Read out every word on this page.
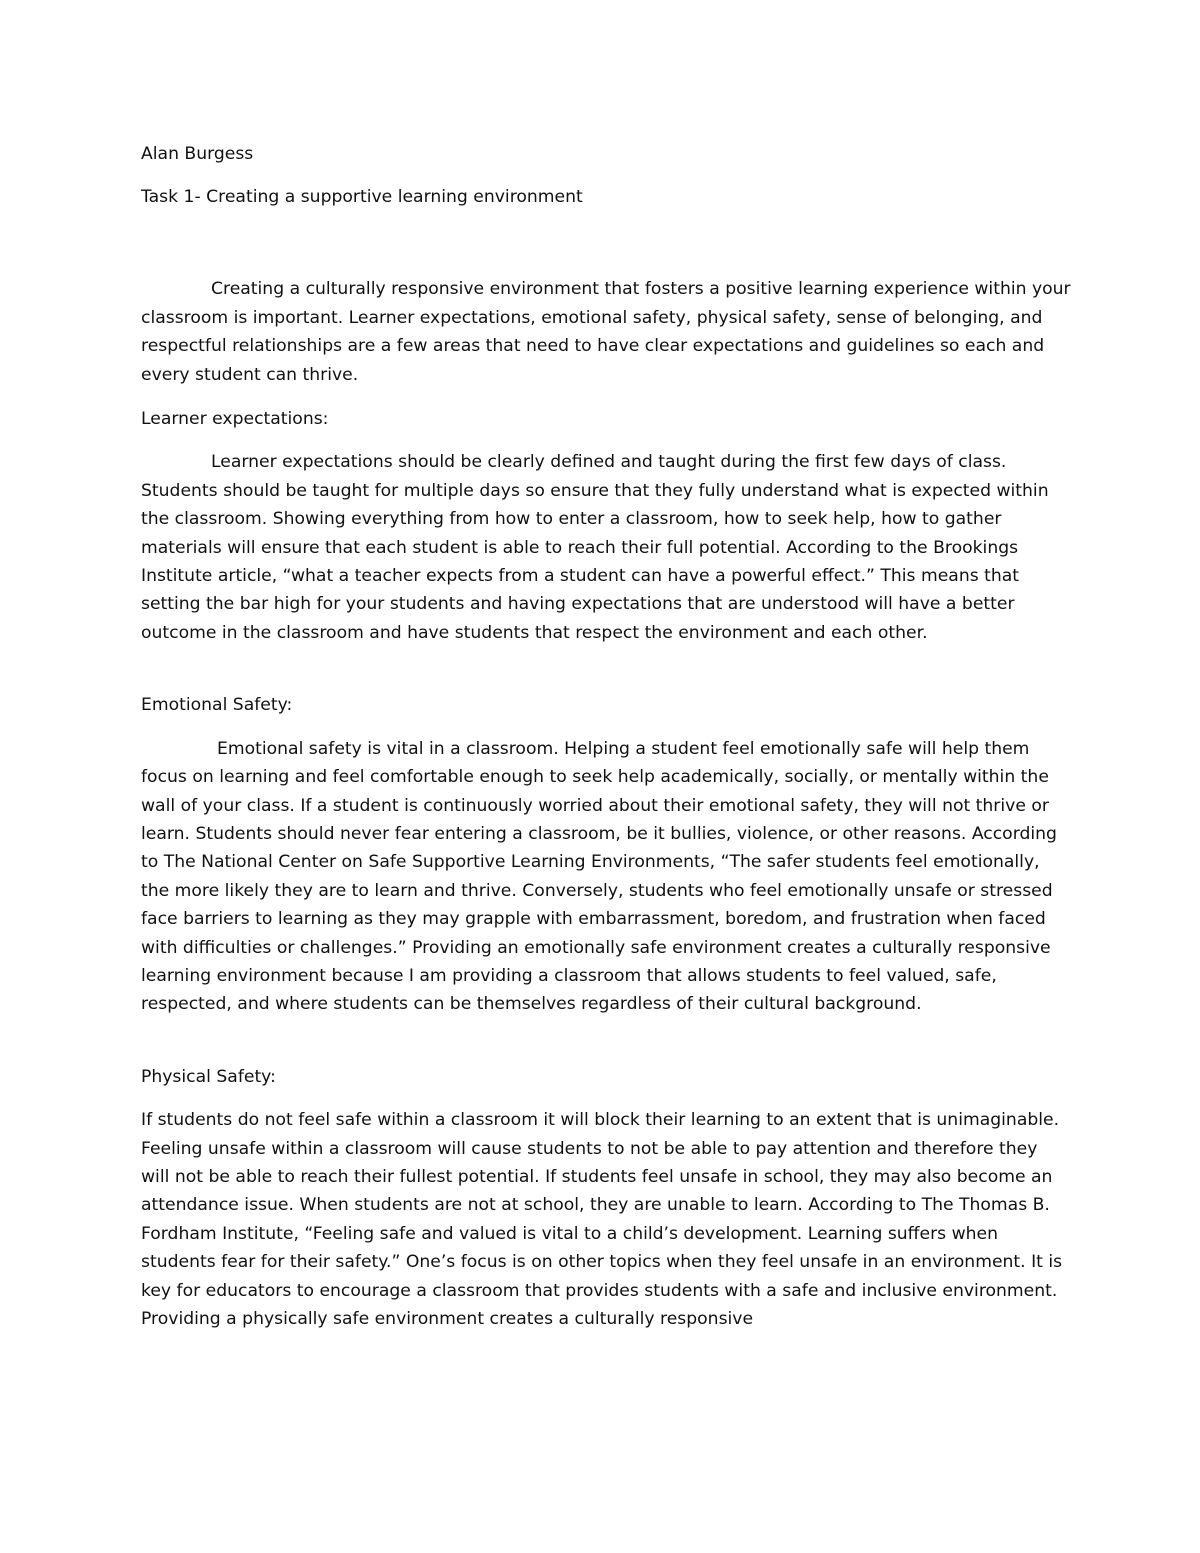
Alan Burgess

Task 1- Creating a supportive learning environment

Creating a culturally responsive environment that fosters a positive learning experience within your classroom is important. Learner expectations, emotional safety, physical safety, sense of belonging, and respectful relationships are a few areas that need to have clear expectations and guidelines so each and every student can thrive.

Learner expectations:

Learner expectations should be clearly defined and taught during the first few days of class. Students should be taught for multiple days so ensure that they fully understand what is expected within the classroom. Showing everything from how to enter a classroom, how to seek help, how to gather materials will ensure that each student is able to reach their full potential. According to the Brookings Institute article, “what a teacher expects from a student can have a powerful effect.” This means that setting the bar high for your students and having expectations that are understood will have a better outcome in the classroom and have students that respect the environment and each other.

Emotional Safety:

Emotional safety is vital in a classroom. Helping a student feel emotionally safe will help them focus on learning and feel comfortable enough to seek help academically, socially, or mentally within the wall of your class. If a student is continuously worried about their emotional safety, they will not thrive or learn. Students should never fear entering a classroom, be it bullies, violence, or other reasons. According to The National Center on Safe Supportive Learning Environments, “The safer students feel emotionally, the more likely they are to learn and thrive. Conversely, students who feel emotionally unsafe or stressed face barriers to learning as they may grapple with embarrassment, boredom, and frustration when faced with difficulties or challenges.” Providing an emotionally safe environment creates a culturally responsive learning environment because I am providing a classroom that allows students to feel valued, safe, respected, and where students can be themselves regardless of their cultural background.

Physical Safety:

If students do not feel safe within a classroom it will block their learning to an extent that is unimaginable. Feeling unsafe within a classroom will cause students to not be able to pay attention and therefore they will not be able to reach their fullest potential. If students feel unsafe in school, they may also become an attendance issue. When students are not at school, they are unable to learn. According to The Thomas B. Fordham Institute, “Feeling safe and valued is vital to a child’s development. Learning suffers when students fear for their safety.” One’s focus is on other topics when they feel unsafe in an environment. It is key for educators to encourage a classroom that provides students with a safe and inclusive environment. Providing a physically safe environment creates a culturally responsive
